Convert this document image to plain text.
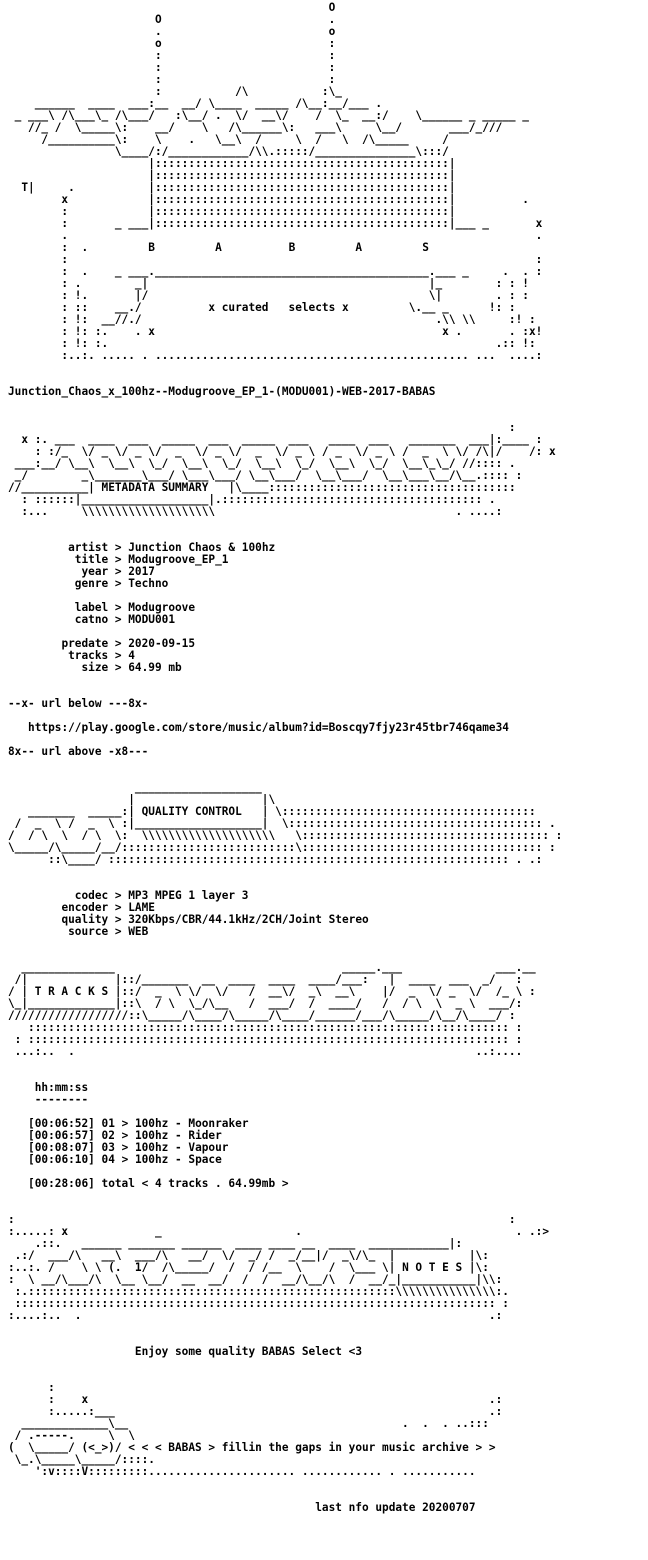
O
O                         .
.                         o
o                         :
:                         :
:                         :
:                         :
:           /\           :\_
______  ____  ___:__  __/ \____  _____ /\__:__/___ .
_ ___\ /\___\_ /\___/   :\__/ .  \/  __\/    /  \_  __:/    \______ _ _____ _
//_ /  \_____\:    __/    \   /\______\:   ___\     \__/       ___/_///
/__________\:    \    .   \__\  /     \  /   \  /\_____     /
\____/:/____________/\\.:::::/_______________\:::/
|::::::::::::::::::::::::::::::::::::::::::::|
|::::::::::::::::::::::::::::::::::::::::::::|
T|     .           |::::::::::::::::::::::::::::::::::::::::::::|
x            |::::::::::::::::::::::::::::::::::::::::::::|          .
:            |::::::::::::::::::::::::::::::::::::::::::::|
:       _ ___|::::::::::::::::::::::::::::::::::::::::::::|___ _       x
.                                                                      .
:  .	B	A	B	A	S
:                                                                      :
:  .    _ ___._________________________________________.___ _     .  . :
: .        _|                                          |_        : : !
: !.       |/                                          \|        . : :
: ::    __./          x curated   selects x         \.__ _      !: :
: !:  __//./                                            .\\ \\     :! :
: !: :.    . x                                           x .       . :x!
: !: :.                                                          .:: !:
:..:. ..... . ............................................... ...  ....:

Junction_Chaos_x_100hz--Modugroove_EP_1-(MODU001)-WEB-2017-BABAS

:
x :. ___  ____  ___  _____  ___  _____  ___   ____  ___   _______  ___|:____ :
: :/_  \/ _ \/ _ \/  _  \/ _ \/  _  \/ _ \ / _  \/ _ \ /  _  \ \/ /\|/    /: x
___:__/ \__\  \__\  \_/  \__\  \_/  \__\  \_/  \__\  \_/  \__\_\_/ //:::: .
_/        _\_______\___/ \___\___/ \__\___/  \__\___/  \__\___\__/\__.:::: :
//__________| METADATA SUMMARY   |\____:::::::::::::::::::::::::::::::::::::
: ::::::|___________________|.::::::::::::::::::::::::::::::::::::::: .
:...     \\\\\\\\\\\\\\\\\\\\                                    . ....:

artist > Junction Chaos & 100hz
title > Modugroove_EP_1
year > 2017
genre > Techno

label > Modugroove
catno > MODU001

predate > 2020-09-15
tracks > 4
size > 64.99 mb

--x- url below ---8x-

https://play.google.com/store/music/album?id=Boscqy7fjy23r45tbr746qame34

8x-- url above -x8---

___________________
|                   |\
_______  _____:| QUALITY CONTROL   | \::::::::::::::::::::::::::::::::::::::
/  _  \ /  _  \ :|___________________|  \:::::::::::::::::::::::::::::::::::::: .
/  / \  \  / \  \:  \\\\\\\\\\\\\\\\\\\\   \::::::::::::::::::::::::::::::::::::: :
\_____/\_____/__/::::::::::::::::::::::::::\:::::::::::::::::::::::::::::::::::: :
::\____/ :::::::::::::::::::::::::::::::::::::::::::::::::::::::::::: . .:

codec > MP3 MPEG 1 layer 3
encoder > LAME
quality > 320Kbps/CBR/44.1kHz/2CH/Joint Stereo
source > WEB

______________                                  _____.___              ___.__
/|             |::/_______  __  ____  ____  ____/___:   |  ____  ___  _/   :
/ | T R A C K S |::/  _  \ \/  \/   /  __\/  _\  __\    |/  _  \/ _  \/  /_ \ :
\_|_____________|::\  / \  \_/\__   /  ___/  /  ____/   /  / \  \  _ \  ___/:
//////////////////::\_____/\____/\_____/\____/______/___/\_____/\__/\____/ :
:::::::::::::::::::::::::::::::::::::::::::::::::::::::::::::::::::::::: :
: :::::::::::::::::::::::::::::::::::::::::::::::::::::::::::::::::::::::: :
...:..  .                                                            ..:....

hh:mm:ss
--------

[00:06:52] 01 > 100hz - Moonraker
[00:06:57] 02 > 100hz - Rider
[00:08:07] 03 > 100hz - Vapour
[00:06:10] 04 > 100hz - Space

[00:28:06] total < 4 tracks . 64.99mb >

:                                                                          :
:.....: x             _                    .                                . .:>
.::.   ______ _______ ______  ____ ____ __  ____  ____________|:
.:/  ___/\   __\  ___/\   __/  \/  _/ /  _/__|/  _\/\_  |           |\:
:..:. /    \ \ (.  1/  /\_____/  /  / /__  \    /  \___ \| N O T E S |\:
:  \ __/\___/\  \__ \__/  __  __/  /  /  __/\__/\  /  __/_|___________|\\:
:.:::::::::::::::::::::::::::::::::::::::::::::::::::::::\\\\\\\\\\\\\\\:.
:::::::::::::::::::::::::::::::::::::::::::::::::::::::::::::::::::::::: :
:....:..  .                                                             .:

Enjoy some quality BABAS Select <3

:
:    x                                                            .:
:.....:___                                                        .:
_____________\__                                         .  .  . ..:::
/ .-----.     \  \
(  \_____/ (<_>)/ < < < BABAS > fillin the gaps in your music archive > >
\_.\_____\_____/::::.
':v::::V:::::::::...................... ............ . ...........

last nfo update 20200707
